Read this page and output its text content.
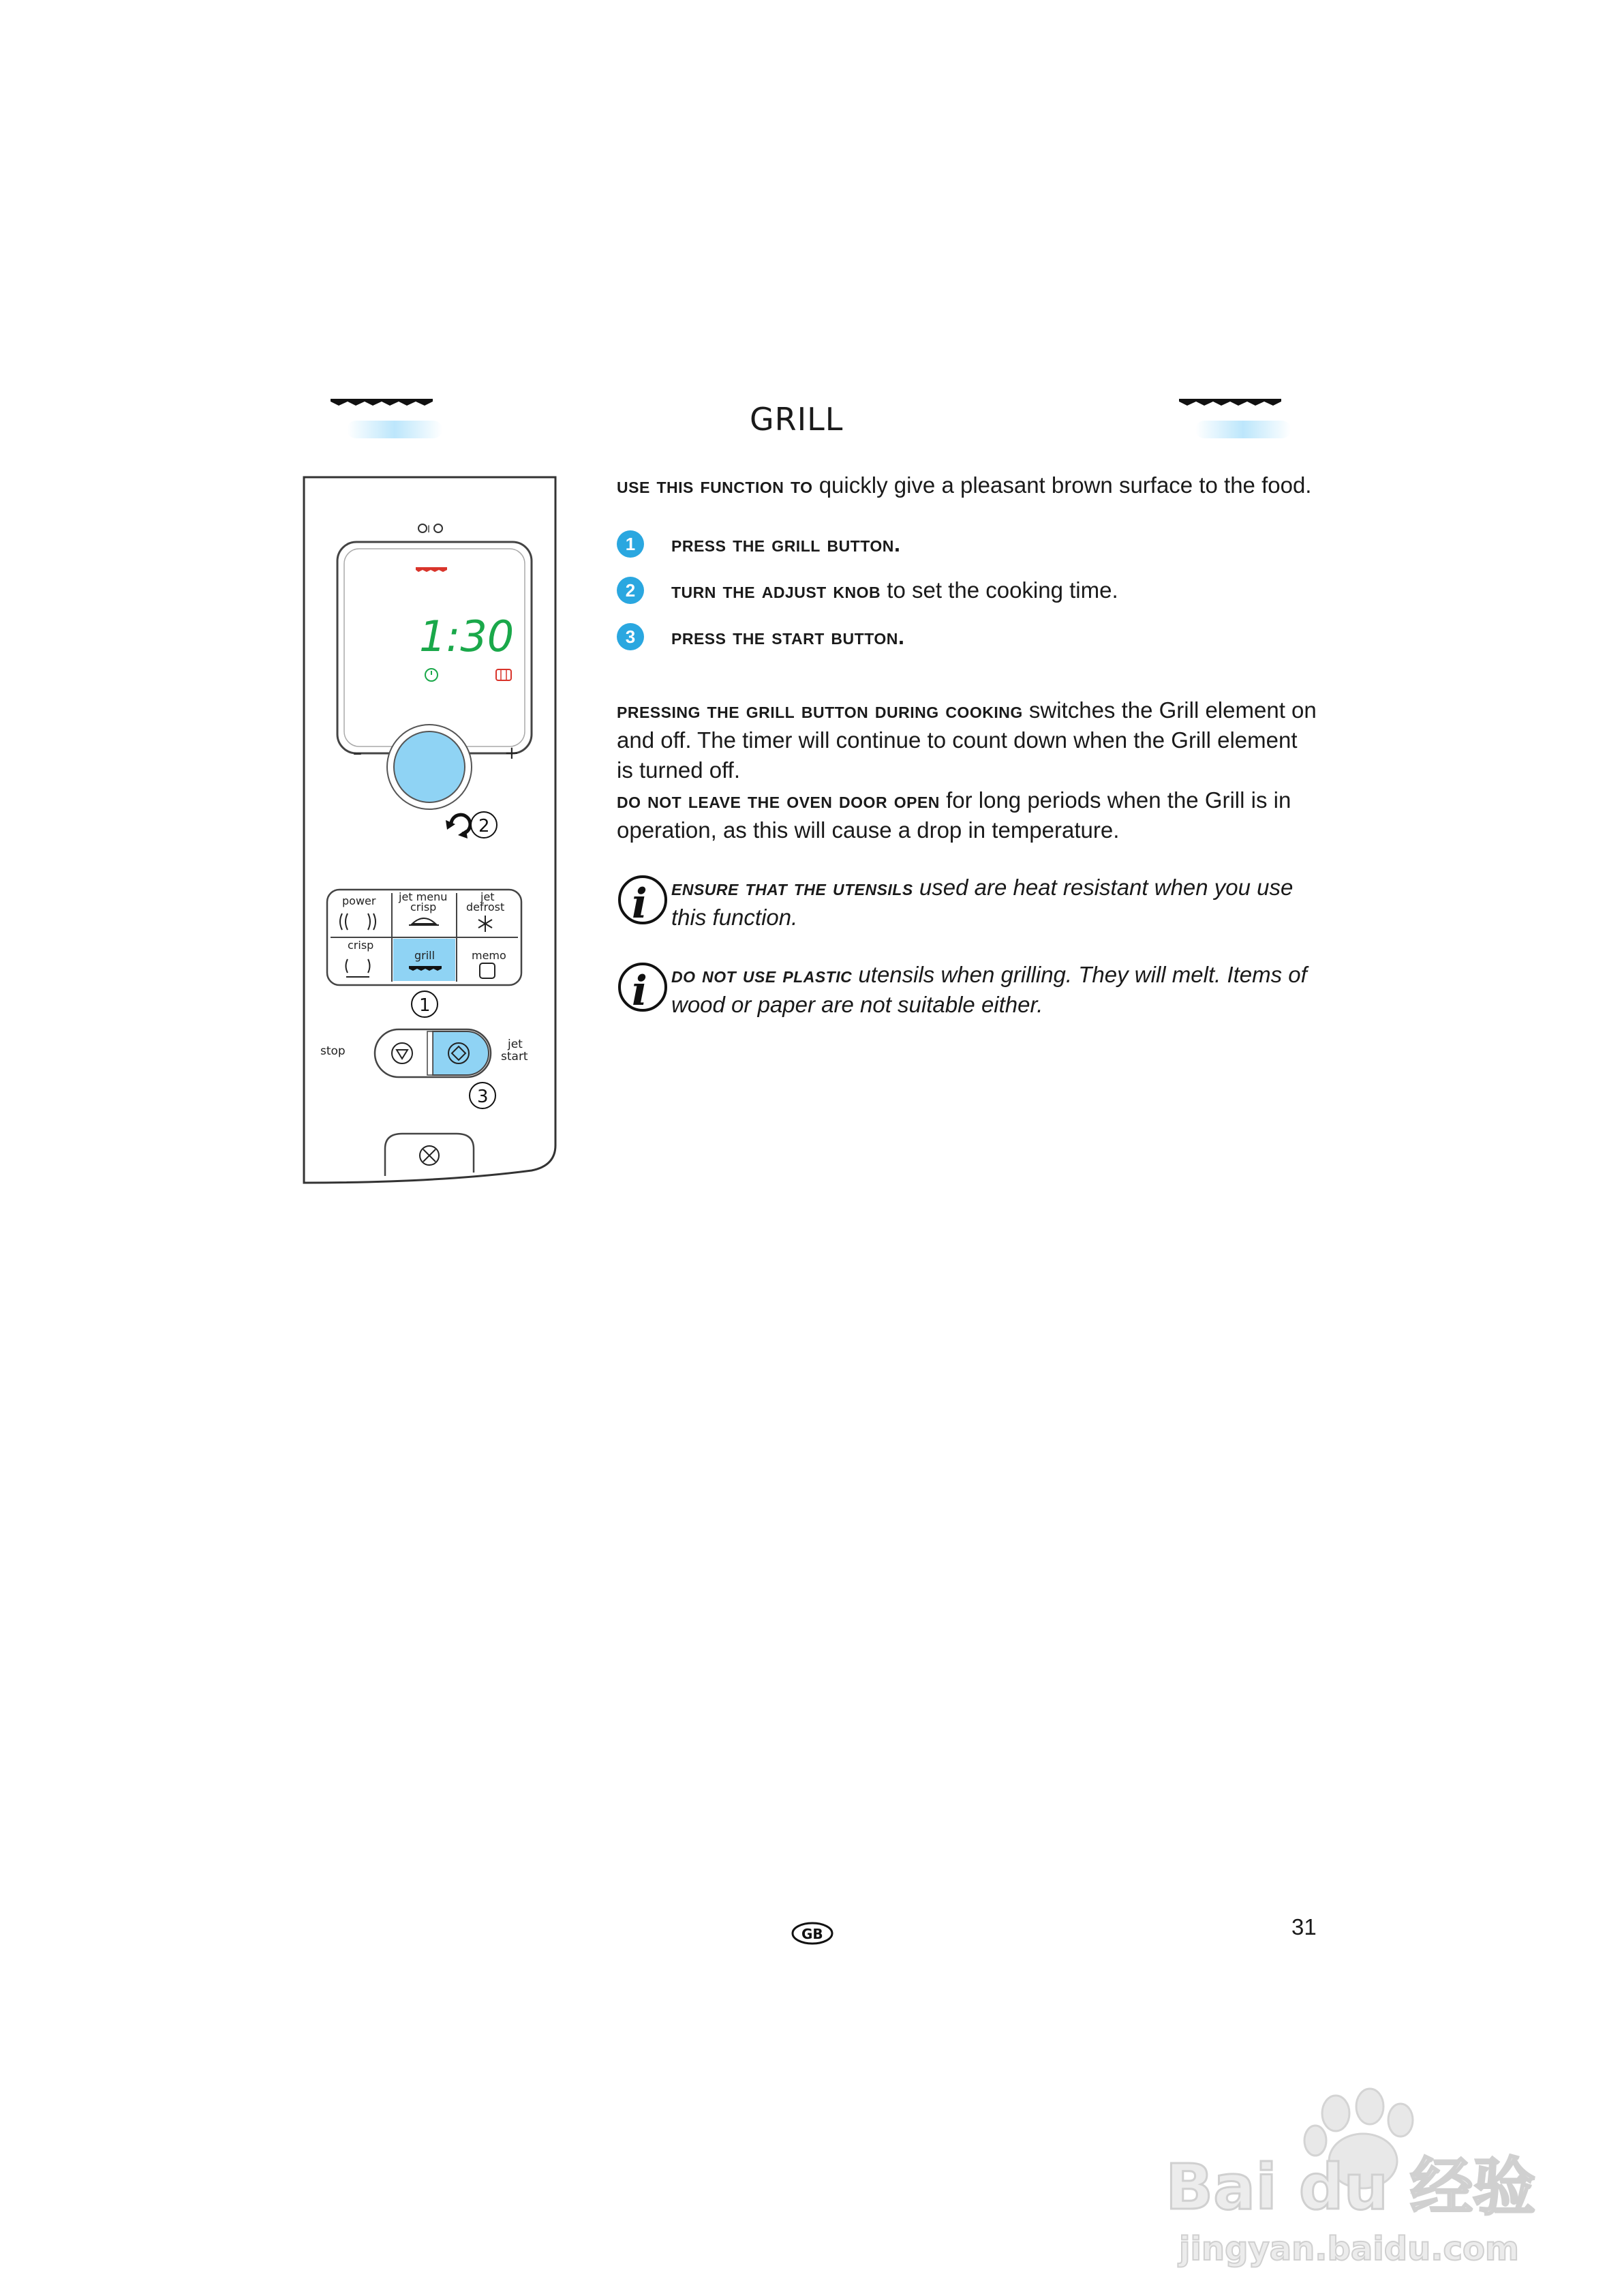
GRILL
I
1:30
–	+
2
power jet menu
crisp
jet
defrost
crisp
grill	memo
1
stop	jet
start
3

use this function to quickly give a pleasant brown surface to the food.

1	press the grill button.
2	turn the adjust knob to set the cooking time.
3	press the start button.

pressing the grill button during cooking switches the Grill element on and off. The timer will continue to count down when the Grill element is turned off.

do not leave the oven door open for long periods when the Grill is in operation, as this will cause a drop in temperature.

i ensure that the utensils used are heat resistant when you use this function.

i do not use plastic utensils when grilling. They will melt. Items of wood or paper are not suitable either.

GB	31
Bai du 经验
jingyan.baidu.com
